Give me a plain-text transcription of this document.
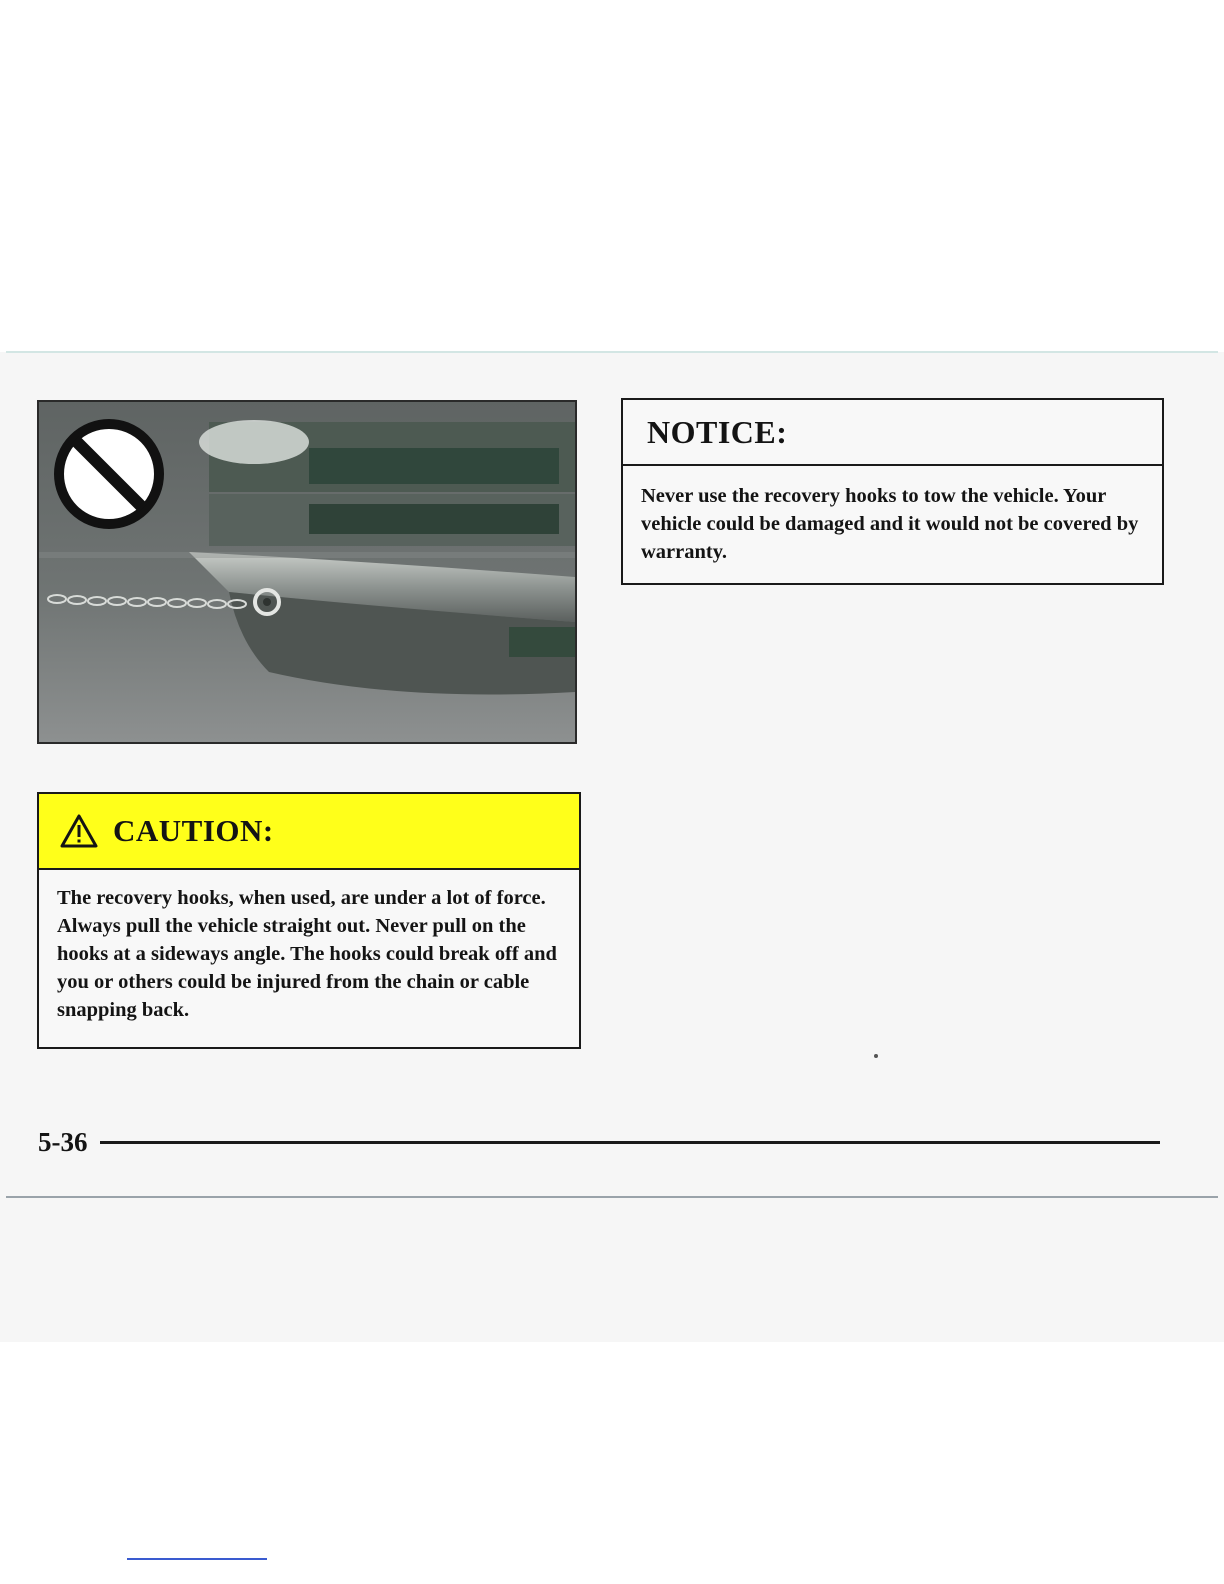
CAUTION:
The recovery hooks, when used, are under a lot of force. Always pull the vehicle straight out. Never pull on the hooks at a sideways angle. The hooks could break off and you or others could be injured from the chain or cable snapping back.
NOTICE:
Never use the recovery hooks to tow the vehicle. Your vehicle could be damaged and it would not be covered by warranty.
5-36
